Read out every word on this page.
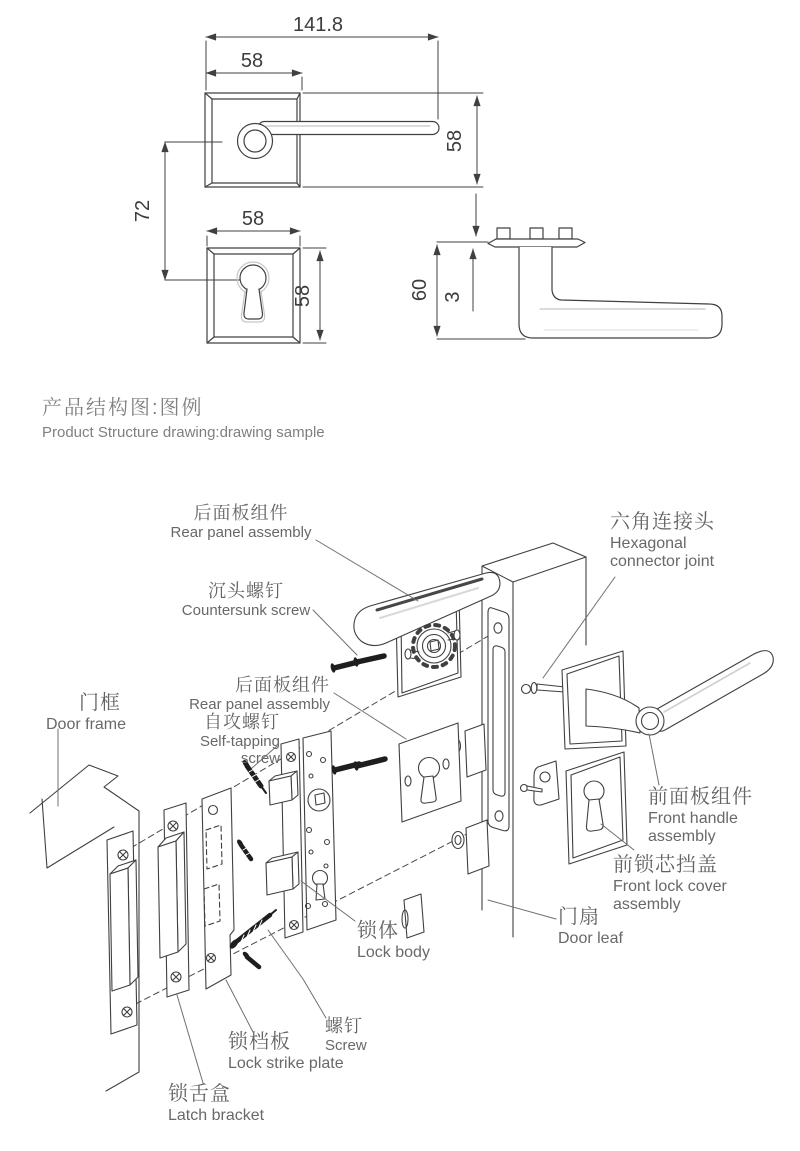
141.8
58
58
72	58
58	60 3
产品结构图:图例
Product Structure drawing:drawing sample
后面板组件
Rear panel assembly
沉头螺钉
Countersunk screw
六角连接头
Hexagonal connector joint
后面板组件
Rear panel assembly
自攻螺钉
Self-tapping screw
门框
Door frame
前面板组件
Front handle assembly
前锁芯挡盖
Front lock cover assembly
门扇
Door leaf
锁体
Lock body
螺钉
Screw
锁档板
Lock strike plate
锁舌盒
Latch bracket
